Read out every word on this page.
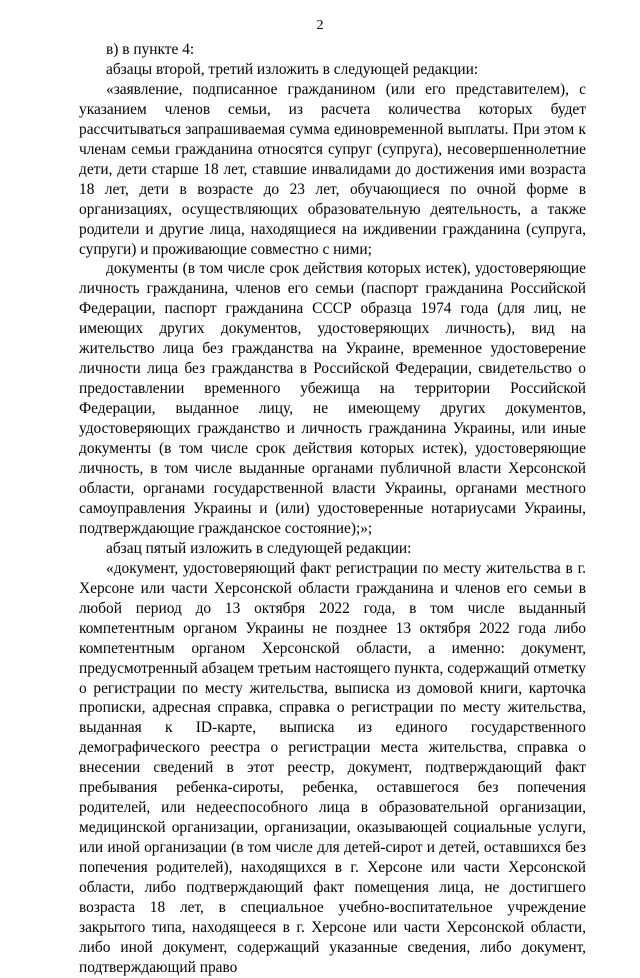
2

в) в пункте 4:

абзацы второй, третий изложить в следующей редакции:

«заявление, подписанное гражданином (или его представителем), с указанием членов семьи, из расчета количества которых будет рассчитываться запрашиваемая сумма единовременной выплаты. При этом к членам семьи гражданина относятся супруг (супруга), несовершеннолетние дети, дети старше 18 лет, ставшие инвалидами до достижения ими возраста 18 лет, дети в возрасте до 23 лет, обучающиеся по очной форме в организациях, осуществляющих образовательную деятельность, а также родители и другие лица, находящиеся на иждивении гражданина (супруга, супруги) и проживающие совместно с ними;

документы (в том числе срок действия которых истек), удостоверяющие личность гражданина, членов его семьи (паспорт гражданина Российской Федерации, паспорт гражданина СССР образца 1974 года (для лиц, не имеющих других документов, удостоверяющих личность), вид на жительство лица без гражданства на Украине, временное удостоверение личности лица без гражданства в Российской Федерации, свидетельство о предоставлении временного убежища на территории Российской Федерации, выданное лицу, не имеющему других документов, удостоверяющих гражданство и личность гражданина Украины, или иные документы (в том числе срок действия которых истек), удостоверяющие личность, в том числе выданные органами публичной власти Херсонской области, органами государственной власти Украины, органами местного самоуправления Украины и (или) удостоверенные нотариусами Украины, подтверждающие гражданское состояние);»;

абзац пятый изложить в следующей редакции:

«документ, удостоверяющий факт регистрации по месту жительства в г. Херсоне или части Херсонской области гражданина и членов его семьи в любой период до 13 октября 2022 года, в том числе выданный компетентным органом Украины не позднее 13 октября 2022 года либо компетентным органом Херсонской области, а именно: документ, предусмотренный абзацем третьим настоящего пункта, содержащий отметку о регистрации по месту жительства, выписка из домовой книги, карточка прописки, адресная справка, справка о регистрации по месту жительства, выданная к ID-карте, выписка из единого государственного демографического реестра о регистрации места жительства, справка о внесении сведений в этот реестр, документ, подтверждающий факт пребывания ребенка-сироты, ребенка, оставшегося без попечения родителей, или недееспособного лица в образовательной организации, медицинской организации, организации, оказывающей социальные услуги, или иной организации (в том числе для детей-сирот и детей, оставшихся без попечения родителей), находящихся в г. Херсоне или части Херсонской области, либо подтверждающий факт помещения лица, не достигшего возраста 18 лет, в специальное учебно-воспитательное учреждение закрытого типа, находящееся в г. Херсоне или части Херсонской области, либо иной документ, содержащий указанные сведения, либо документ, подтверждающий право
